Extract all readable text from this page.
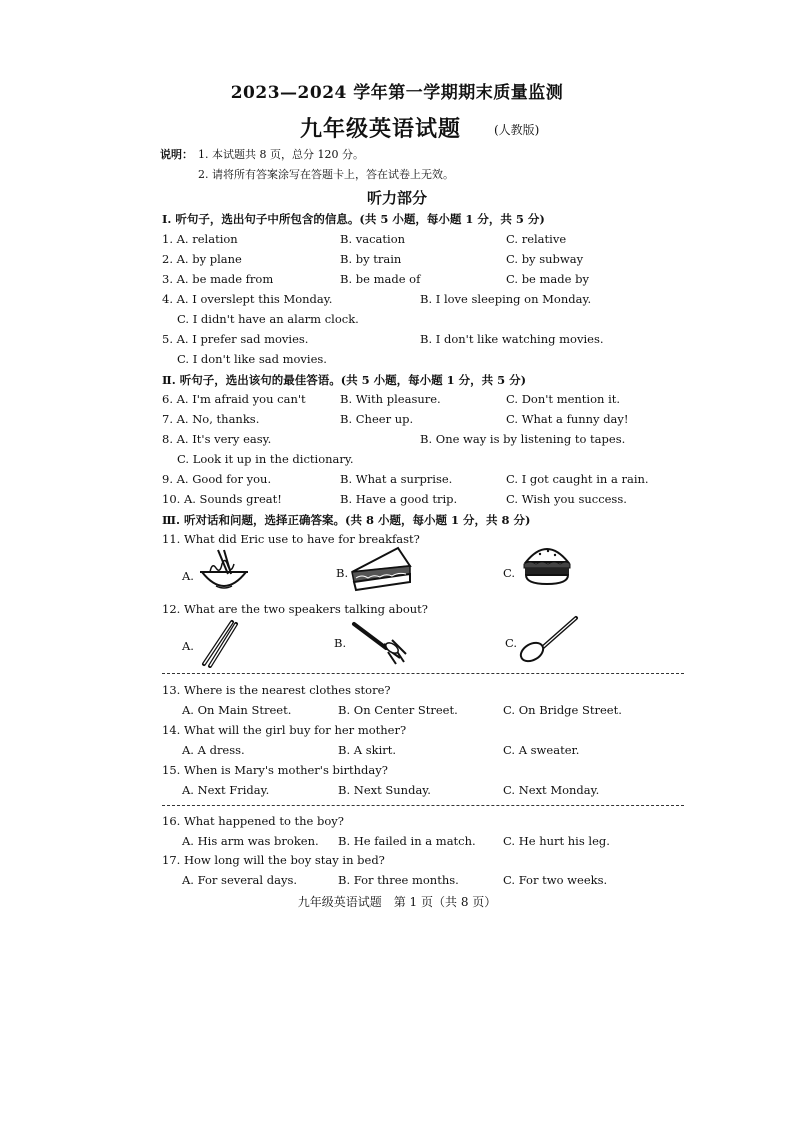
2023—2024 学年第一学期期末质量监测
九年级英语试题	(人教版)
说明： 1. 本试题共 8 页，总分 120 分。
2. 请将所有答案涂写在答题卡上，答在试卷上无效。
听力部分
Ⅰ. 听句子，选出句子中所包含的信息。(共 5 小题，每小题 1 分，共 5 分)
1. A. relation	B. vacation	C. relative
2. A. by plane	B. by train	C. by subway
3. A. be made from	B. be made of	C. be made by
4. A. I overslept this Monday.	B. I love sleeping on Monday.
C. I didn't have an alarm clock.
5. A. I prefer sad movies.	B. I don't like watching movies.
C. I don't like sad movies.
Ⅱ. 听句子，选出该句的最佳答语。(共 5 小题，每小题 1 分，共 5 分)
6. A. I'm afraid you can't	B. With pleasure.	C. Don't mention it.
7. A. No, thanks.	B. Cheer up.	C. What a funny day!
8. A. It's very easy.	B. One way is by listening to tapes.
C. Look it up in the dictionary.
9. A. Good for you.	B. What a surprise.	C. I got caught in a rain.
10. A. Sounds great!	B. Have a good trip.	C. Wish you success.
Ⅲ. 听对话和问题，选择正确答案。(共 8 小题，每小题 1 分，共 8 分)
11. What did Eric use to have for breakfast?
A.	B.	C.
12. What are the two speakers talking about?
A.	B.	C.
13. Where is the nearest clothes store?
A. On Main Street.	B. On Center Street.	C. On Bridge Street.
14. What will the girl buy for her mother?
A. A dress.	B. A skirt.	C. A sweater.
15. When is Mary's mother's birthday?
A. Next Friday.	B. Next Sunday.	C. Next Monday.
16. What happened to the boy?
A. His arm was broken. B. He failed in a match. C. He hurt his leg.
17. How long will the boy stay in bed?
A. For several days.	B. For three months.	C. For two weeks.
九年级英语试题　第 1 页（共 8 页）
